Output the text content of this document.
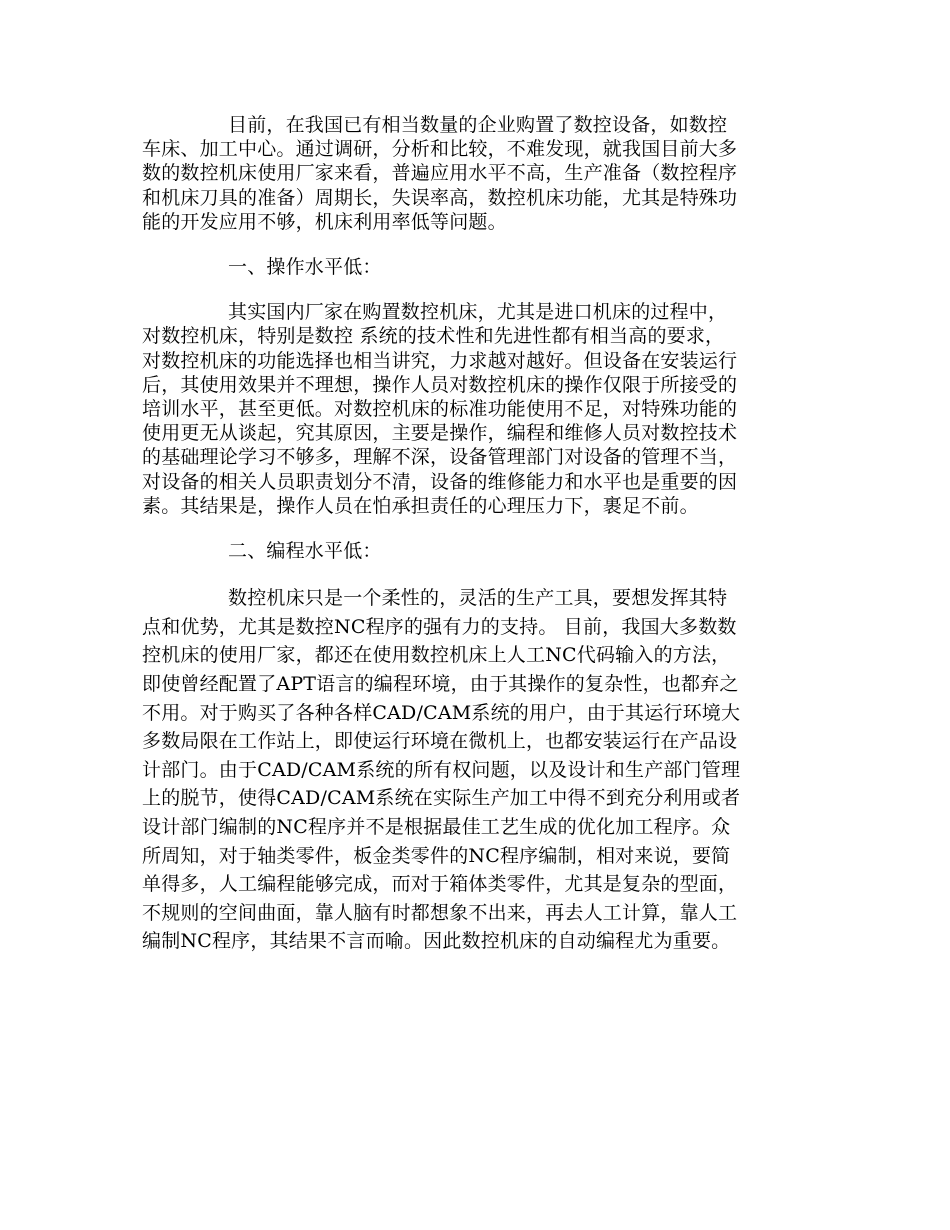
目前，在我国已有相当数量的企业购置了数控设备，如数控车床、加工中心。通过调研，分析和比较，不难发现，就我国目前大多数的数控机床使用厂家来看，普遍应用水平不高，生产准备（数控程序和机床刀具的准备）周期长，失误率高，数控机床功能，尤其是特殊功能的开发应用不够，机床利用率低等问题。

一、操作水平低：

其实国内厂家在购置数控机床，尤其是进口机床的过程中，对数控机床，特别是数控 系统的技术性和先进性都有相当高的要求，对数控机床的功能选择也相当讲究，力求越对越好。但设备在安装运行后，其使用效果并不理想，操作人员对数控机床的操作仅限于所接受的培训水平，甚至更低。对数控机床的标准功能使用不足，对特殊功能的使用更无从谈起，究其原因，主要是操作，编程和维修人员对数控技术的基础理论学习不够多，理解不深，设备管理部门对设备的管理不当，对设备的相关人员职责划分不清，设备的维修能力和水平也是重要的因素。其结果是，操作人员在怕承担责任的心理压力下，裹足不前。

二、编程水平低：

数控机床只是一个柔性的，灵活的生产工具，要想发挥其特点和优势，尤其是数控NC程序的强有力的支持。 目前，我国大多数数控机床的使用厂家，都还在使用数控机床上人工NC代码输入的方法，即使曾经配置了APT语言的编程环境，由于其操作的复杂性，也都弃之不用。对于购买了各种各样CAD/CAM系统的用户，由于其运行环境大多数局限在工作站上，即使运行环境在微机上，也都安装运行在产品设计部门。由于CAD/CAM系统的所有权问题，以及设计和生产部门管理上的脱节，使得CAD/CAM系统在实际生产加工中得不到充分利用或者设计部门编制的NC程序并不是根据最佳工艺生成的优化加工程序。众所周知，对于轴类零件，板金类零件的NC程序编制，相对来说，要简单得多，人工编程能够完成，而对于箱体类零件，尤其是复杂的型面，不规则的空间曲面，靠人脑有时都想象不出来，再去人工计算，靠人工编制NC程序，其结果不言而喻。因此数控机床的自动编程尤为重要。
